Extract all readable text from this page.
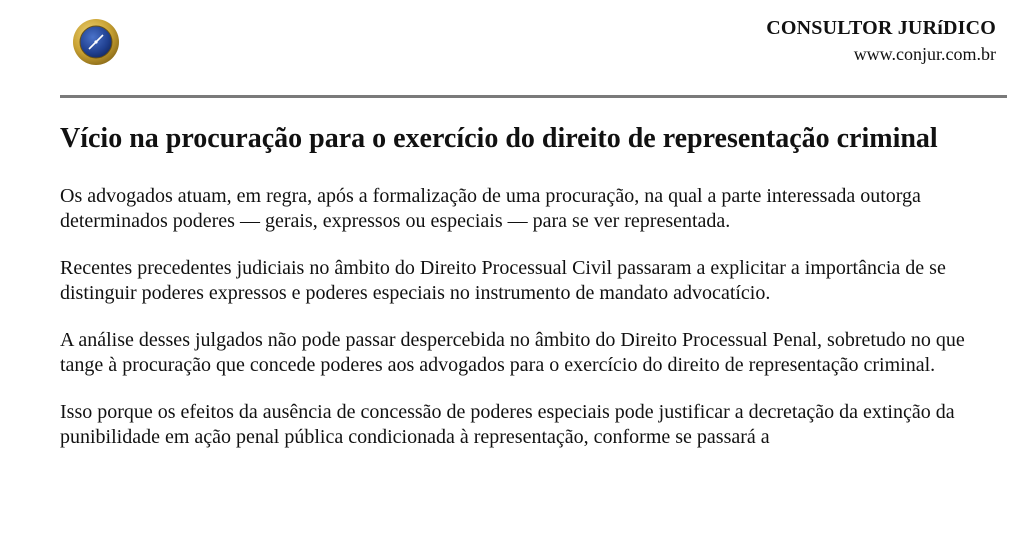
CONSULTOR JURíDICO

www.conjur.com.br

Vício na procuração para o exercício do direito de representação criminal

Os advogados atuam, em regra, após a formalização de uma procuração, na qual a parte interessada outorga determinados poderes — gerais, expressos ou especiais — para se ver representada.

Recentes precedentes judiciais no âmbito do Direito Processual Civil passaram a explicitar a importância de se distinguir poderes expressos e poderes especiais no instrumento de mandato advocatício.

A análise desses julgados não pode passar despercebida no âmbito do Direito Processual Penal, sobretudo no que tange à procuração que concede poderes aos advogados para o exercício do direito de representação criminal.

Isso porque os efeitos da ausência de concessão de poderes especiais pode justificar a decretação da extinção da punibilidade em ação penal pública condicionada à representação, conforme se passará a
